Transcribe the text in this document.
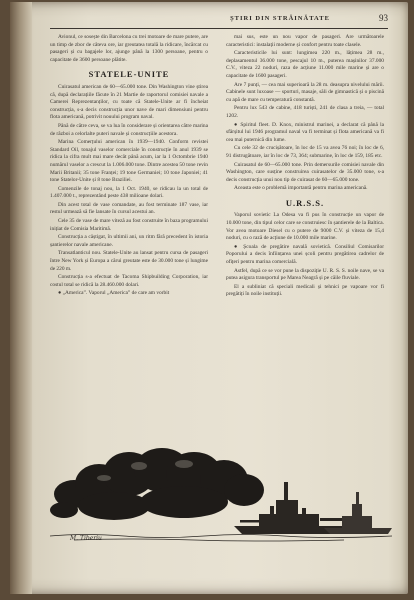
ȘTIRI DIN STRĂINĂTATE	93

Avionul, ce sosește din Barcelona cu trei motoare de mare putere, are un timp de zbor de câteva ore, iar greutatea totală la ridicare, încărcat cu pasageri și cu bagajele lor, ajunge până la 1300 persoane, pentru o capacitate de 3600 persoane plătite.

STATELE-UNITE

Cuirasatul american de 60—65.000 tone. Din Washington vine știrea că, după declarațiile făcute în 21 Martie de raportorul comisiei navale a Camerei Reprezentanților, cu toate că Statele-Unite ar fi încheiat construcția, s-a decis construcția unor nave de mari dimensiuni pentru flota americană, potrivit nouului program naval.

Până de către ceva, se va lua în considerare și orientarea către marina de război a celorlalte puteri navale și construcțiile acestora.

Marina Comerțului american în 1939—1940. Conform revistei Standard Oil, tonajul vaselor comerciale în construcție în anul 1939 se ridica la cifra mult mai mare decât până acum, iar la 1 Octombrie 1940 numărul vaselor a crescut la 1.006.000 tone. Dintre acestea 50 tone revin Marii Britanii; 35 tone Franței; 19 tone Germaniei; 10 tone Japoniei; 41 tone Statelor-Unite și 8 tone Braziliei.

Comenzile de tonaj nou, la 1 Oct. 1940, se ridicau la un total de 1.407.000 t., reprezentând peste 438 milioane dolari.

Din acest total de vase comandate, au fost terminate 187 vase, iar restul urmează să fie lansate în cursul acestui an.

Cele 35 de vase de mare viteză au fost construite în baza programului inițiat de Comisia Maritimă.

Construcția a câștigat, în ultimii ani, un ritm fără precedent în istoria șantierelor navale americane.

Transatlanticul nou. Statele-Unite au lansat pentru cursa de pasageri între New York și Europa a cărui greutate este de 30.000 tone și lungime de 220 m.

Construcția s-a efectuat de Tacoma Shipbuilding Corporation, iar costul total se ridică la 28.460.000 dolari.

● „America”. Vaporul „America” de care am vorbit

mai sus, este un nou vapor de pasageri. Are următoarele caracteristici: instalații moderne și confort pentru toate clasele.

Caracteristicile lui sunt: lungimea 220 m., lățimea 28 m., deplasamentul 36.000 tone, pescajul 10 m., puterea mașinilor 37.000 C.V., viteza 22 noduri, raza de acțiune 11.000 mile marine și are o capacitate de 1600 pasageri.

Are 7 punți, — cea mai superioară la 28 m. deasupra nivelului mării. Cabinele sunt luxoase — sporturi, masaje, săli de gimnastică și o piscină cu apă de mare cu temperatură constantă.

Pentru lux 543 de cabine, 418 turiști, 241 de clasa a treia, — total 1202.

● Spiritul fleet. D. Knox, ministrul marinei, a declarat că până la sfârșitul lui 1946 programul naval va fi terminat și flota americană va fi cea mai puternică din lume.

Cu cele 32 de crucișătoare, în loc de 15 va avea 76 noi; în loc de 6, 91 distrugătoare, iar în loc de 73, 364; submarine, în loc de 159, 185 etc.

Cuirasatul de 60—65.000 tone. Prin demersurile comisiei navale din Washington, care susține construirea cuirasatelor de 35.000 tone, s-a decis construcția unui nou tip de cuirasat de 60—65.000 tone.

Aceasta este o problemă importantă pentru marina americană.

U.R.S.S.

Vaporul sovietic La Odesa va fi pus în construcție un vapor de 10.000 tone, din tipul celor care se construiesc în șantierele de la Baltica. Vor avea motoare Diesel cu o putere de 9000 C.V. și viteza de 15,4 noduri, cu o rază de acțiune de 10.000 mile marine.

● Școala de pregătire navală sovietică. Consiliul Comisarilor Poporului a decis înființarea unei școli pentru pregătirea cadrelor de ofițeri pentru marina comercială.

Astfel, după ce se vor pune la dispoziție U. R. S. S. noile nave, se va putea asigura transportul pe Marea Neagră și pe căile fluviale.

El a subliniat că speciali medicali și tehnici pe vapoare vor fi pregătiți în noile instituții.

M. Tiberiu
